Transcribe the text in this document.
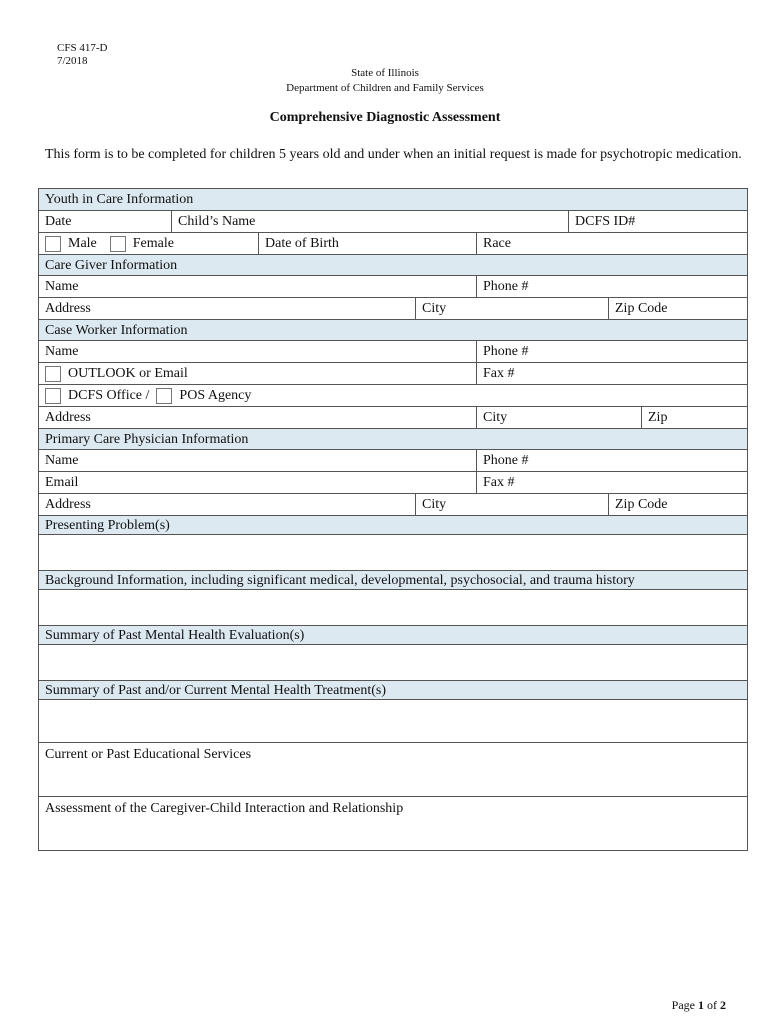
CFS 417-D
7/2018
State of Illinois
Department of Children and Family Services
Comprehensive Diagnostic Assessment
This form is to be completed for children 5 years old and under when an initial request is made for psychotropic medication.
Youth in Care Information
Date	Child’s Name	DCFS ID#
Male	Female	Date of Birth	Race
Care Giver Information
Name	Phone #
Address	City	Zip Code
Case Worker Information
Name	Phone #
OUTLOOK or Email	Fax #
DCFS Office / POS Agency
Address	City	Zip
Primary Care Physician Information
Name	Phone #
Email	Fax #
Address	City	Zip Code
Presenting Problem(s)
Background Information, including significant medical, developmental, psychosocial, and trauma history
Summary of Past Mental Health Evaluation(s)
Summary of Past and/or Current Mental Health Treatment(s)
Current or Past Educational Services
Assessment of the Caregiver-Child Interaction and Relationship
Page 1 of 2
